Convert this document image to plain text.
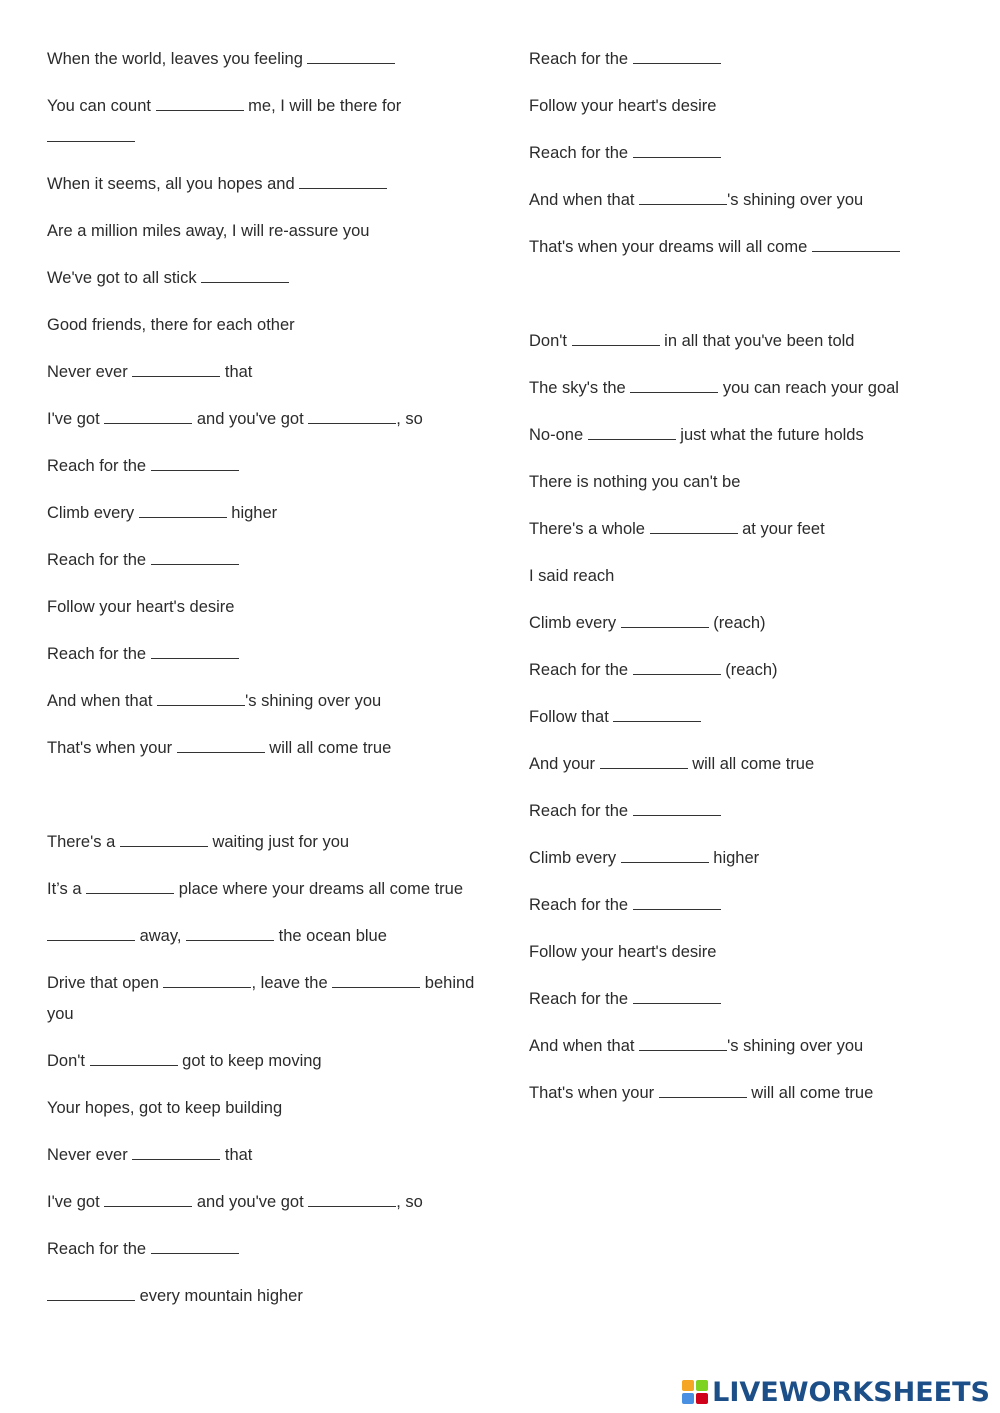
When the world, leaves you feeling
You can count	me, I will be there for
When it seems, all you hopes and
Are a million miles away, I will re-assure you
We've got to all stick
Good friends, there for each other
Never ever	that
I've got	and you've got	, so
Reach for the
Climb every	higher
Reach for the
Follow your heart's desire
Reach for the
And when that	's shining over you
That's when your	will all come true
There's a	waiting just for you
It’s a	place where your dreams all come true
away,	the ocean blue
Drive that open	, leave the	behind you
Don't	got to keep moving
Your hopes, got to keep building
Never ever	that
I've got	and you've got	, so
Reach for the
every mountain higher
Reach for the
Follow your heart's desire
Reach for the
And when that	's shining over you
That's when your dreams will all come
Don't	in all that you've been told
The sky's the	you can reach your goal
No-one	just what the future holds
There is nothing you can't be
There's a whole	at your feet
I said reach
Climb every	(reach)
Reach for the	(reach)
Follow that
And your	will all come true
Reach for the
Climb every	higher
Reach for the
Follow your heart's desire
Reach for the
And when that	's shining over you
That's when your	will all come true
LIVEWORKSHEETS
